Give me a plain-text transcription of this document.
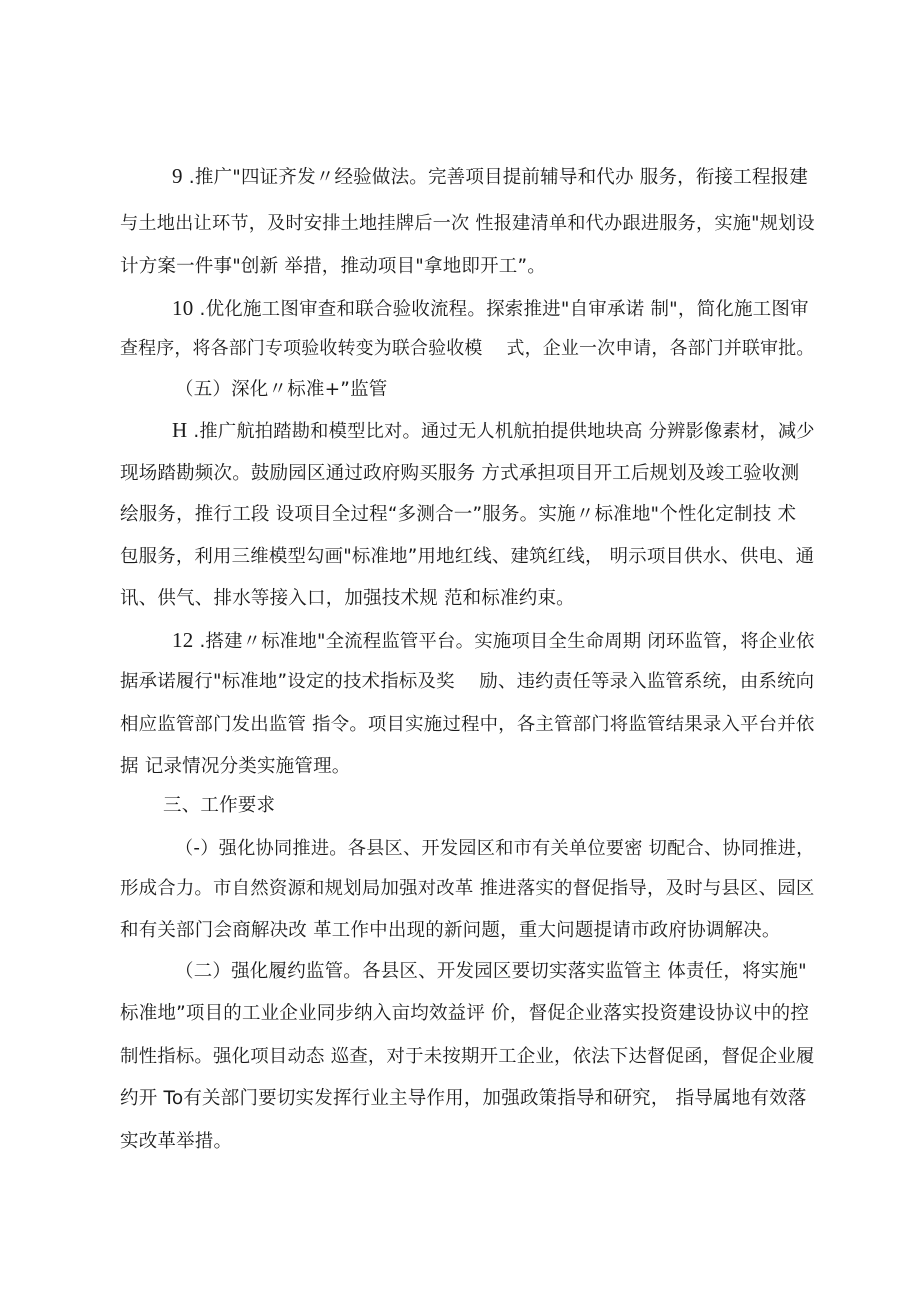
9 .推广"四证齐发〃经验做法。完善项目提前辅导和代办 服务，衔接工程报建
与土地出让环节，及时安排土地挂牌后一次 性报建清单和代办跟进服务，实施"规划设
计方案一件事"创新 举措，推动项目"拿地即开工”。
10 .优化施工图审查和联合验收流程。探索推进"自审承诺 制"，简化施工图审
查程序，将各部门专项验收转变为联合验收模　 式，企业一次申请，各部门并联审批。
（五）深化〃标准+”监管
H .推广航拍踏勘和模型比对。通过无人机航拍提供地块高 分辨影像素材，减少
现场踏勘频次。鼓励园区通过政府购买服务 方式承担项目开工后规划及竣工验收测
绘服务，推行工段 设项目全过程“多测合一”服务。实施〃标准地"个性化定制技 术
包服务，利用三维模型勾画"标准地”用地红线、建筑红线， 明示项目供水、供电、通
讯、供气、排水等接入口，加强技术规 范和标准约束。
12 .搭建〃标准地"全流程监管平台。实施项目全生命周期 闭环监管，将企业依
据承诺履行"标准地”设定的技术指标及奖　 励、违约责任等录入监管系统，由系统向
相应监管部门发出监管 指令。项目实施过程中，各主管部门将监管结果录入平台并依
据 记录情况分类实施管理。
三、工作要求
（-）强化协同推进。各县区、开发园区和市有关单位要密 切配合、协同推进，
形成合力。市自然资源和规划局加强对改革 推进落实的督促指导，及时与县区、园区
和有关部门会商解决改 革工作中出现的新问题，重大问题提请市政府协调解决。
（二）强化履约监管。各县区、开发园区要切实落实监管主 体责任，将实施"
标准地”项目的工业企业同步纳入亩均效益评 价，督促企业落实投资建设协议中的控
制性指标。强化项目动态 巡查，对于未按期开工企业，依法下达督促函，督促企业履
约开 To有关部门要切实发挥行业主导作用，加强政策指导和研究， 指导属地有效落
实改革举措。
